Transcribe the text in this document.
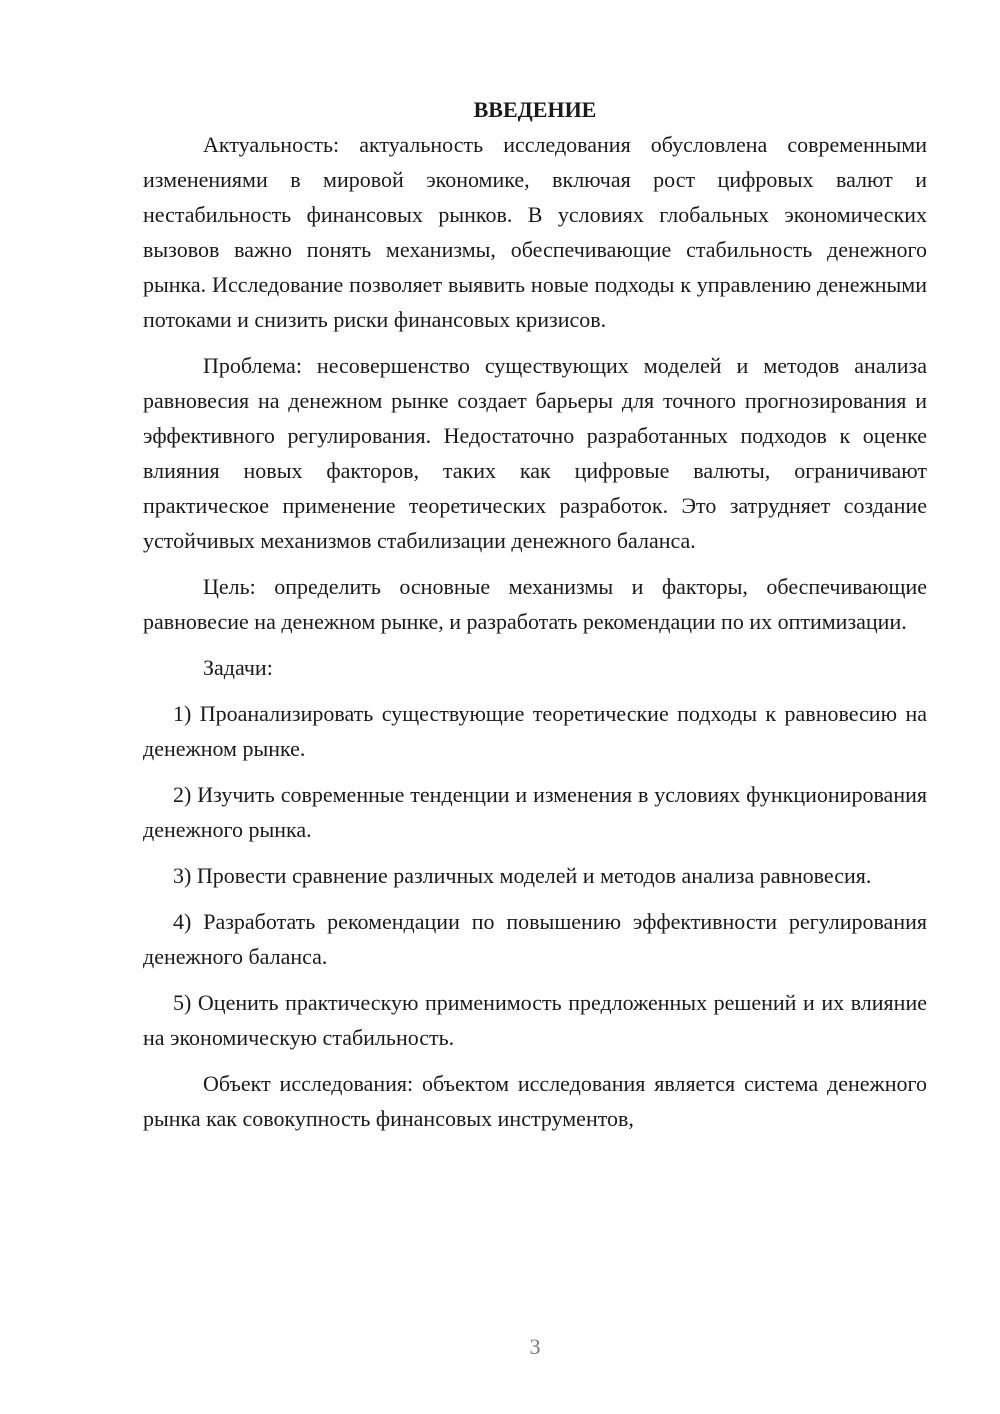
ВВЕДЕНИЕ

Актуальность: актуальность исследования обусловлена современными изменениями в мировой экономике, включая рост цифровых валют и нестабильность финансовых рынков. В условиях глобальных экономических вызовов важно понять механизмы, обеспечивающие стабильность денежного рынка. Исследование позволяет выявить новые подходы к управлению денежными потоками и снизить риски финансовых кризисов.

Проблема: несовершенство существующих моделей и методов анализа равновесия на денежном рынке создает барьеры для точного прогнозирования и эффективного регулирования. Недостаточно разработанных подходов к оценке влияния новых факторов, таких как цифровые валюты, ограничивают практическое применение теоретических разработок. Это затрудняет создание устойчивых механизмов стабилизации денежного баланса.

Цель: определить основные механизмы и факторы, обеспечивающие равновесие на денежном рынке, и разработать рекомендации по их оптимизации.

Задачи:

1) Проанализировать существующие теоретические подходы к равновесию на денежном рынке.

2) Изучить современные тенденции и изменения в условиях функционирования денежного рынка.

3) Провести сравнение различных моделей и методов анализа равновесия.

4) Разработать рекомендации по повышению эффективности регулирования денежного баланса.

5) Оценить практическую применимость предложенных решений и их влияние на экономическую стабильность.

Объект исследования: объектом исследования является система денежного рынка как совокупность финансовых инструментов,

3
